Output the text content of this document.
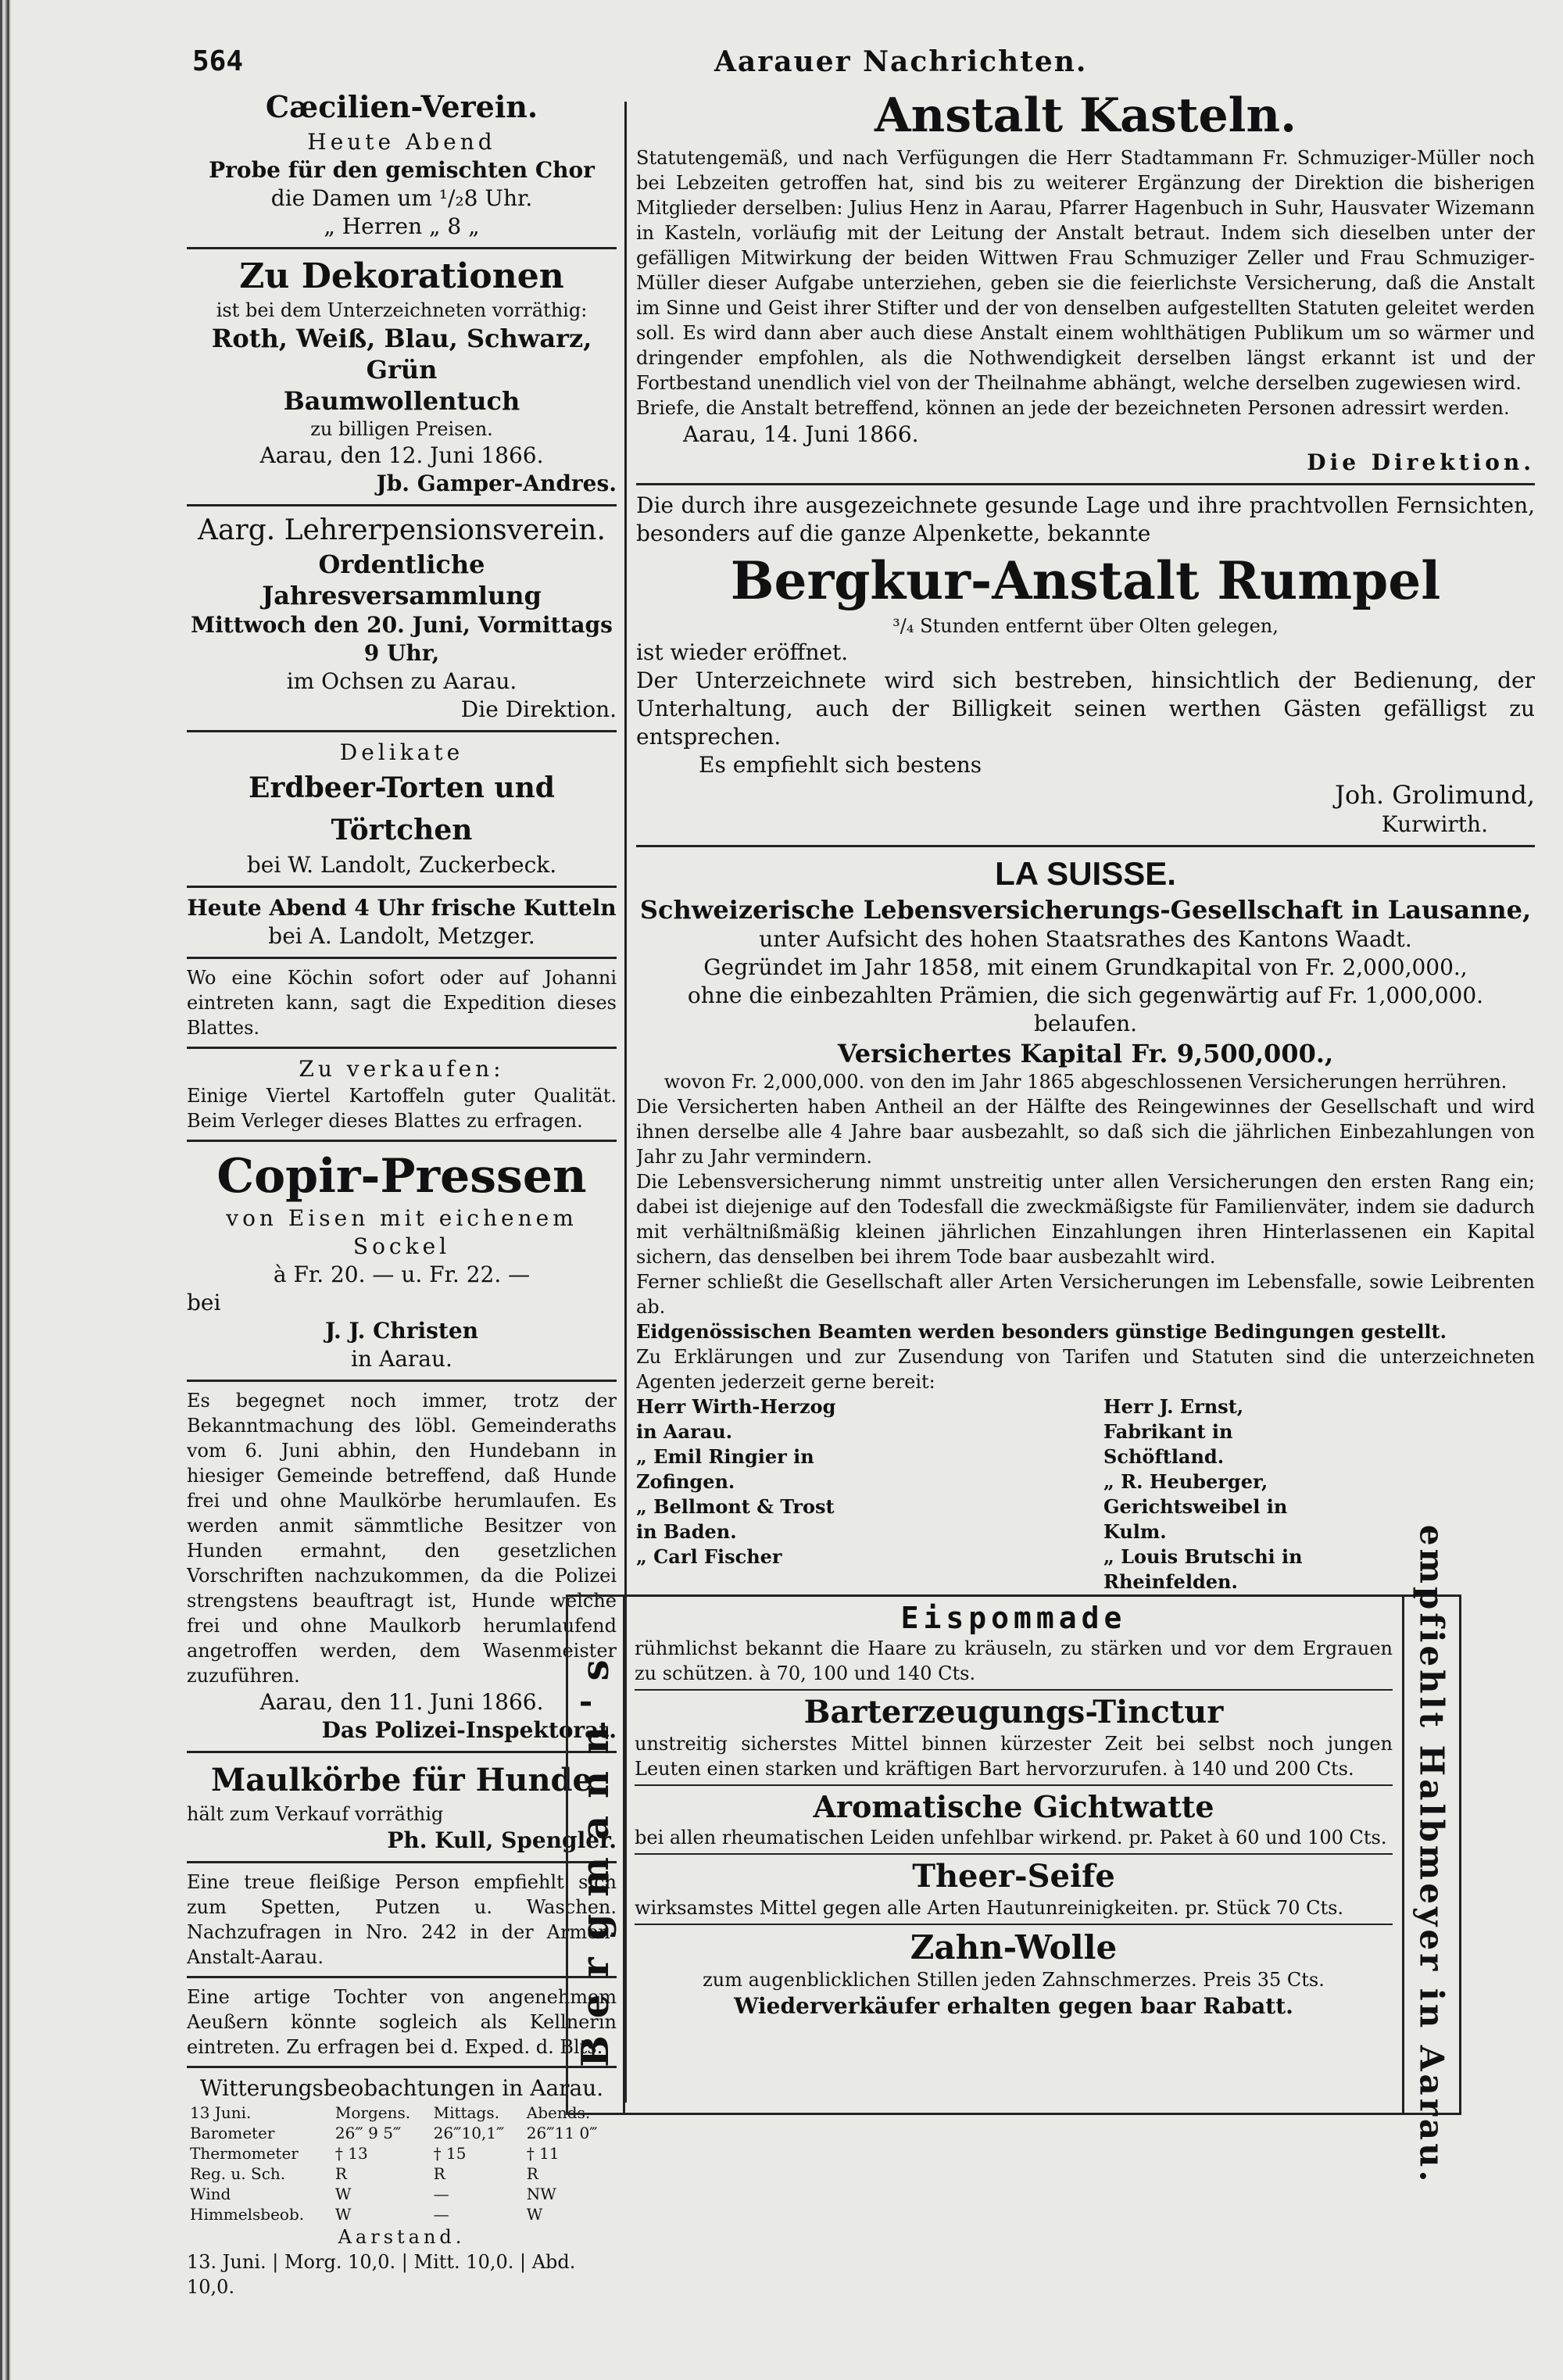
564	Aarauer Nachrichten.
Cæcilien-Verein.
Heute Abend
Probe für den gemischten Chor
die Damen um ¹/₂8 Uhr.
„ Herren „ 8 „
Zu Dekorationen
ist bei dem Unterzeichneten vorräthig:
Roth, Weiß, Blau, Schwarz, Grün
Baumwollentuch
zu billigen Preisen.
Aarau, den 12. Juni 1866.
Jb. Gamper-Andres.
Aarg. Lehrerpensionsverein.
Ordentliche Jahresversammlung
Mittwoch den 20. Juni, Vormittags 9 Uhr,
im Ochsen zu Aarau.
Die Direktion.
Delikate
Erdbeer-Torten und Törtchen
bei W. Landolt, Zuckerbeck.
Heute Abend 4 Uhr frische Kutteln
bei A. Landolt, Metzger.
Wo eine Köchin sofort oder auf Johanni eintreten kann, sagt die Expedition dieses Blattes.
Zu verkaufen:
Einige Viertel Kartoffeln guter Qualität. Beim Verleger dieses Blattes zu erfragen.
Copir-Pressen
von Eisen mit eichenem Sockel
à Fr. 20. — u. Fr. 22. —
bei
J. J. Christen
in Aarau.
Es begegnet noch immer, trotz der Bekanntmachung des löbl. Gemeinderaths vom 6. Juni abhin, den Hundebann in hiesiger Gemeinde betreffend, daß Hunde frei und ohne Maulkörbe herumlaufen. Es werden anmit sämmtliche Besitzer von Hunden ermahnt, den gesetzlichen Vorschriften nachzukommen, da die Polizei strengstens beauftragt ist, Hunde welche frei und ohne Maulkorb herumlaufend angetroffen werden, dem Wasenmeister zuzuführen.
Aarau, den 11. Juni 1866.
Das Polizei-Inspektorat.
Maulkörbe für Hunde
hält zum Verkauf vorräthig
Ph. Kull, Spengler.
Eine treue fleißige Person empfiehlt sich zum Spetten, Putzen u. Waschen. Nachzufragen in Nro. 242 in der Armen-Anstalt-Aarau.
Eine artige Tochter von angenehmem Aeußern könnte sogleich als Kellnerin eintreten. Zu erfragen bei d. Exped. d. Blts.
Witterungsbeobachtungen in Aarau.
13 Juni.	Morgens.	Mittags.	Abends.
Barometer	26‴ 9 5‴	26‴10,1‴	26‴11 0‴
Thermometer	† 13	† 15	† 11
Reg. u. Sch.	R	R	R
Wind	W	—	NW
Himmelsbeob.	W	—	W
Aarstand.
13. Juni. | Morg. 10,0. | Mitt. 10,0. | Abd. 10,0.
Anstalt Kasteln.
Statutengemäß, und nach Verfügungen die Herr Stadtammann Fr. Schmuziger-Müller noch bei Lebzeiten getroffen hat, sind bis zu weiterer Ergänzung der Direktion die bisherigen Mitglieder derselben: Julius Henz in Aarau, Pfarrer Hagenbuch in Suhr, Hausvater Wizemann in Kasteln, vorläufig mit der Leitung der Anstalt betraut. Indem sich dieselben unter der gefälligen Mitwirkung der beiden Wittwen Frau Schmuziger Zeller und Frau Schmuziger-Müller dieser Aufgabe unterziehen, geben sie die feierlichste Versicherung, daß die Anstalt im Sinne und Geist ihrer Stifter und der von denselben aufgestellten Statuten geleitet werden soll. Es wird dann aber auch diese Anstalt einem wohlthätigen Publikum um so wärmer und dringender empfohlen, als die Nothwendigkeit derselben längst erkannt ist und der Fortbestand unendlich viel von der Theilnahme abhängt, welche derselben zugewiesen wird.
Briefe, die Anstalt betreffend, können an jede der bezeichneten Personen adressirt werden.
Aarau, 14. Juni 1866.
Die Direktion.
Die durch ihre ausgezeichnete gesunde Lage und ihre prachtvollen Fernsichten, besonders auf die ganze Alpenkette, bekannte
Bergkur-Anstalt Rumpel
³/₄ Stunden entfernt über Olten gelegen,
ist wieder eröffnet.
Der Unterzeichnete wird sich bestreben, hinsichtlich der Bedienung, der Unterhaltung, auch der Billigkeit seinen werthen Gästen gefälligst zu entsprechen.
Es empfiehlt sich bestens
Joh. Grolimund,
Kurwirth.
LA SUISSE.
Schweizerische Lebensversicherungs-Gesellschaft in Lausanne,
unter Aufsicht des hohen Staatsrathes des Kantons Waadt.
Gegründet im Jahr 1858, mit einem Grundkapital von Fr. 2,000,000.,
ohne die einbezahlten Prämien, die sich gegenwärtig auf Fr. 1,000,000. belaufen.
Versichertes Kapital Fr. 9,500,000.,
wovon Fr. 2,000,000. von den im Jahr 1865 abgeschlossenen Versicherungen herrühren.
Die Versicherten haben Antheil an der Hälfte des Reingewinnes der Gesellschaft und wird ihnen derselbe alle 4 Jahre baar ausbezahlt, so daß sich die jährlichen Einbezahlungen von Jahr zu Jahr vermindern.
Die Lebensversicherung nimmt unstreitig unter allen Versicherungen den ersten Rang ein; dabei ist diejenige auf den Todesfall die zweckmäßigste für Familienväter, indem sie dadurch mit verhältnißmäßig kleinen jährlichen Einzahlungen ihren Hinterlassenen ein Kapital sichern, das denselben bei ihrem Tode baar ausbezahlt wird.
Ferner schließt die Gesellschaft aller Arten Versicherungen im Lebensfalle, sowie Leibrenten ab.
Eidgenössischen Beamten werden besonders günstige Bedingungen gestellt.
Zu Erklärungen und zur Zusendung von Tarifen und Statuten sind die unterzeichneten Agenten jederzeit gerne bereit:
Herr Wirth-Herzog in Aarau.
„ Emil Ringier in Zofingen.
„ Bellmont & Trost in Baden.
„ Carl Fischer
Herr J. Ernst, Fabrikant in Schöftland.
„ R. Heuberger, Gerichtsweibel in Kulm.
„ Louis Brutschi in Rheinfelden.
Bergmann's
Eispommade
rühmlichst bekannt die Haare zu kräuseln, zu stärken und vor dem Ergrauen zu schützen. à 70, 100 und 140 Cts.
Barterzeugungs-Tinctur
unstreitig sicherstes Mittel binnen kürzester Zeit bei selbst noch jungen Leuten einen starken und kräftigen Bart hervorzurufen. à 140 und 200 Cts.
Aromatische Gichtwatte
bei allen rheumatischen Leiden unfehlbar wirkend. pr. Paket à 60 und 100 Cts.
Theer-Seife
wirksamstes Mittel gegen alle Arten Hautunreinigkeiten. pr. Stück 70 Cts.
Zahn-Wolle
zum augenblicklichen Stillen jeden Zahnschmerzes. Preis 35 Cts.
Wiederverkäufer erhalten gegen baar Rabatt.	empfiehlt Halbmeyer in Aarau.
